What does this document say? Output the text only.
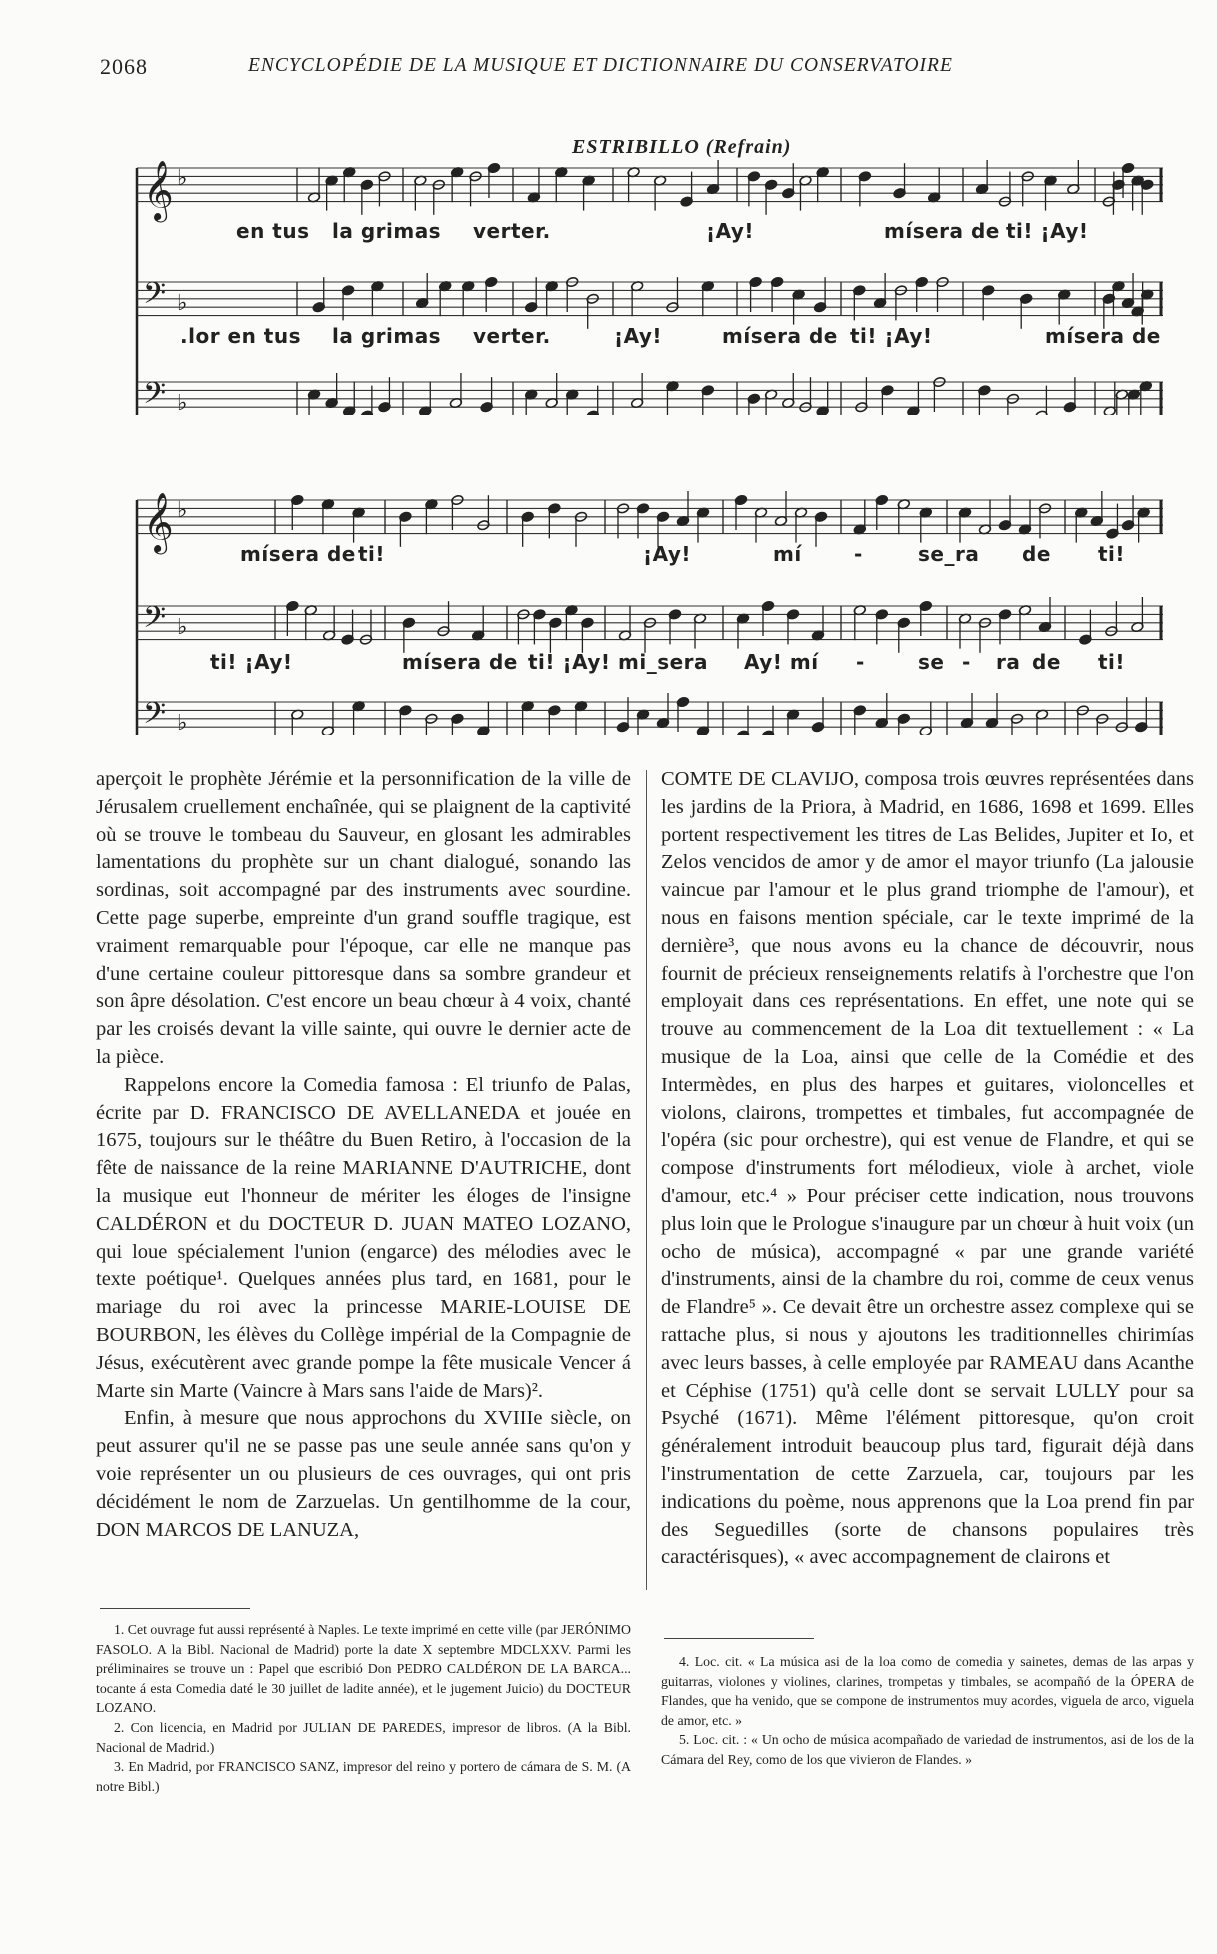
2068	ENCYCLOPÉDIE DE LA MUSIQUE ET DICTIONNAIRE DU CONSERVATOIRE
ESTRIBILLO (Refrain)
𝄞 ♭
𝄢 ♭
𝄢 ♭
en tus la grimas verter.	¡Ay!	mísera de ti! ¡Ay!
.lor en tus la grimas verter.	¡Ay!	mísera de ti! ¡Ay!	mísera de
𝄞 ♭
𝄢 ♭
𝄢 ♭
mísera de ti!	¡Ay!	mí	-	se_ra de ti!
ti! ¡Ay!	mísera de ti! ¡Ay! mi_sera Ay! mí -	se - ra de ti!

aperçoit le prophète Jérémie et la personnification de la ville de Jérusalem cruellement enchaînée, qui se plaignent de la captivité où se trouve le tombeau du Sauveur, en glosant les admirables lamentations du prophète sur un chant dialogué, sonando las sordinas, soit accompagné par des instruments avec sourdine. Cette page superbe, empreinte d'un grand souffle tragique, est vraiment remarquable pour l'époque, car elle ne manque pas d'une certaine couleur pittoresque dans sa sombre grandeur et son âpre désolation. C'est encore un beau chœur à 4 voix, chanté par les croisés devant la ville sainte, qui ouvre le dernier acte de la pièce.

Rappelons encore la Comedia famosa : El triunfo de Palas, écrite par D. FRANCISCO DE AVELLANEDA et jouée en 1675, toujours sur le théâtre du Buen Retiro, à l'occasion de la fête de naissance de la reine MARIANNE D'AUTRICHE, dont la musique eut l'honneur de mériter les éloges de l'insigne CALDÉRON et du DOCTEUR D. JUAN MATEO LOZANO, qui loue spécialement l'union (engarce) des mélodies avec le texte poétique¹. Quelques années plus tard, en 1681, pour le mariage du roi avec la princesse MARIE-LOUISE DE BOURBON, les élèves du Collège impérial de la Compagnie de Jésus, exécutèrent avec grande pompe la fête musicale Vencer á Marte sin Marte (Vaincre à Mars sans l'aide de Mars)².

Enfin, à mesure que nous approchons du XVIIIe siècle, on peut assurer qu'il ne se passe pas une seule année sans qu'on y voie représenter un ou plusieurs de ces ouvrages, qui ont pris décidément le nom de Zarzuelas. Un gentilhomme de la cour, DON MARCOS DE LANUZA,

COMTE DE CLAVIJO, composa trois œuvres représentées dans les jardins de la Priora, à Madrid, en 1686, 1698 et 1699. Elles portent respectivement les titres de Las Belides, Jupiter et Io, et Zelos vencidos de amor y de amor el mayor triunfo (La jalousie vaincue par l'amour et le plus grand triomphe de l'amour), et nous en faisons mention spéciale, car le texte imprimé de la dernière³, que nous avons eu la chance de découvrir, nous fournit de précieux renseignements relatifs à l'orchestre que l'on employait dans ces représentations. En effet, une note qui se trouve au commencement de la Loa dit textuellement : « La musique de la Loa, ainsi que celle de la Comédie et des Intermèdes, en plus des harpes et guitares, violoncelles et violons, clairons, trompettes et timbales, fut accompagnée de l'opéra (sic pour orchestre), qui est venue de Flandre, et qui se compose d'instruments fort mélodieux, viole à archet, viole d'amour, etc.⁴ » Pour préciser cette indication, nous trouvons plus loin que le Prologue s'inaugure par un chœur à huit voix (un ocho de música), accompagné « par une grande variété d'instruments, ainsi de la chambre du roi, comme de ceux venus de Flandre⁵ ». Ce devait être un orchestre assez complexe qui se rattache plus, si nous y ajoutons les traditionnelles chirimías avec leurs basses, à celle employée par RAMEAU dans Acanthe et Céphise (1751) qu'à celle dont se servait LULLY pour sa Psyché (1671). Même l'élément pittoresque, qu'on croit généralement introduit beaucoup plus tard, figurait déjà dans l'instrumentation de cette Zarzuela, car, toujours par les indications du poème, nous apprenons que la Loa prend fin par des Seguedilles (sorte de chansons populaires très caractérisques), « avec accompagnement de clairons et

1. Cet ouvrage fut aussi représenté à Naples. Le texte imprimé en cette ville (par JERÓNIMO FASOLO. A la Bibl. Nacional de Madrid) porte la date X septembre MDCLXXV. Parmi les préliminaires se trouve un : Papel que escribió Don PEDRO CALDÉRON DE LA BARCA... tocante á esta Comedia daté le 30 juillet de ladite année), et le jugement Juicio) du DOCTEUR LOZANO.

2. Con licencia, en Madrid por JULIAN DE PAREDES, impresor de libros. (A la Bibl. Nacional de Madrid.)

3. En Madrid, por FRANCISCO SANZ, impresor del reino y portero de cámara de S. M. (A notre Bibl.)

4. Loc. cit. « La música asi de la loa como de comedia y sainetes, demas de las arpas y guitarras, violones y violines, clarines, trompetas y timbales, se acompañó de la ÓPERA de Flandes, que ha venido, que se compone de instrumentos muy acordes, viguela de arco, viguela de amor, etc. »

5. Loc. cit. : « Un ocho de música acompañado de variedad de instrumentos, asi de los de la Cámara del Rey, como de los que vivieron de Flandes. »
